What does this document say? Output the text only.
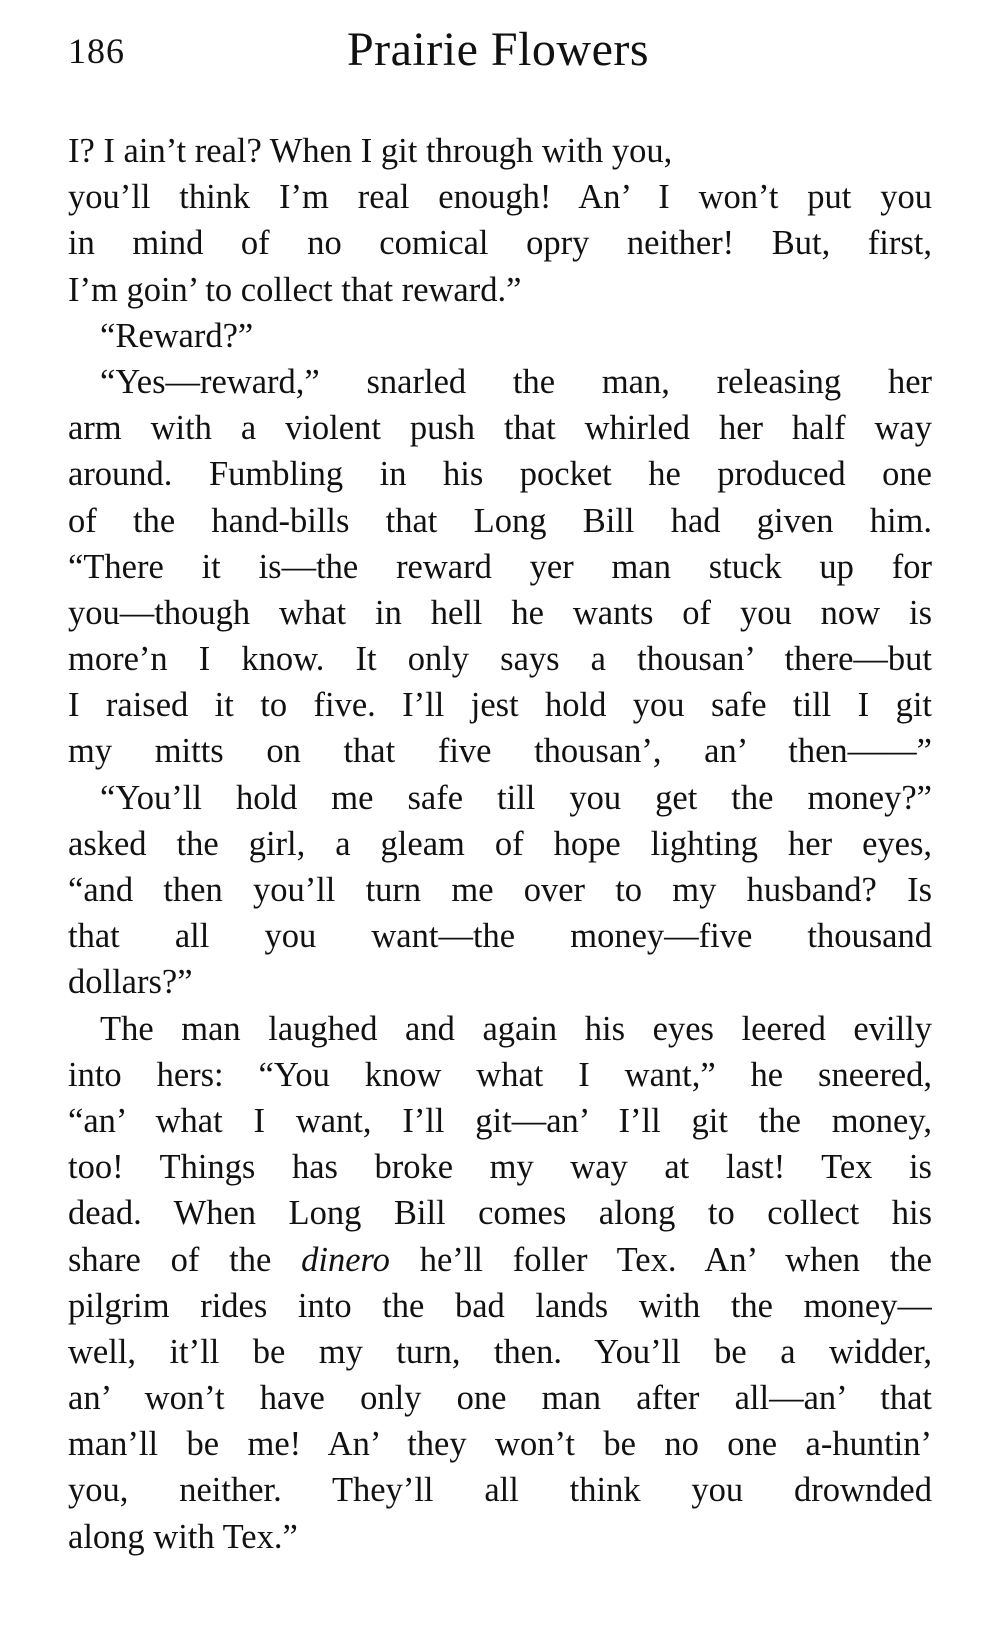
186	Prairie Flowers
I? I ain’t real? When I git through with you,
you’ll think I’m real enough! An’ I won’t put you
in mind of no comical opry neither! But, first,
I’m goin’ to collect that reward.”
“Reward?”
“Yes—reward,” snarled the man, releasing her
arm with a violent push that whirled her half way
around. Fumbling in his pocket he produced one
of the hand-bills that Long Bill had given him.
“There it is—the reward yer man stuck up for
you—though what in hell he wants of you now is
more’n I know. It only says a thousan’ there—but
I raised it to five. I’ll jest hold you safe till I git
my mitts on that five thousan’, an’ then——”
“You’ll hold me safe till you get the money?”
asked the girl, a gleam of hope lighting her eyes,
“and then you’ll turn me over to my husband? Is
that all you want—the money—five thousand
dollars?”
The man laughed and again his eyes leered evilly
into hers: “You know what I want,” he sneered,
“an’ what I want, I’ll git—an’ I’ll git the money,
too! Things has broke my way at last! Tex is
dead. When Long Bill comes along to collect his
share of the dinero he’ll foller Tex. An’ when the
pilgrim rides into the bad lands with the money—
well, it’ll be my turn, then. You’ll be a widder,
an’ won’t have only one man after all—an’ that
man’ll be me! An’ they won’t be no one a-huntin’
you, neither. They’ll all think you drownded
along with Tex.”
